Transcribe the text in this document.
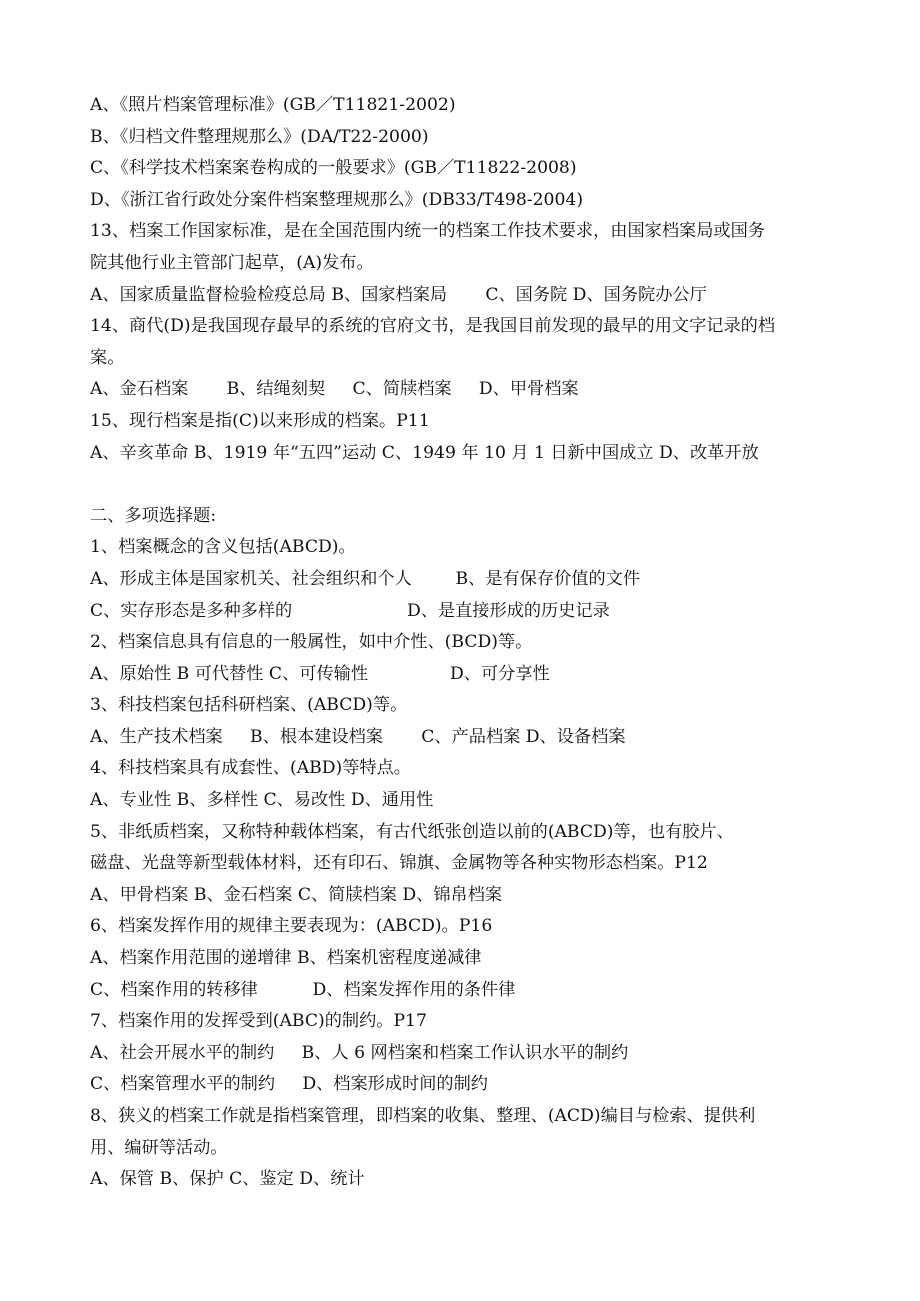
A、《照片档案管理标准》(GB／T11821-2002)
B、《归档文件整理规那么》(DA/T22-2000)
C、《科学技术档案案卷构成的一般要求》(GB／T11822-2008)
D、《浙江省行政处分案件档案整理规那么》(DB33/T498-2004)
13、档案工作国家标准，是在全国范围内统一的档案工作技术要求，由国家档案局或国务
院其他行业主管部门起草，(A)发布。
A、国家质量监督检验检疫总局 B、国家档案局       C、国务院 D、国务院办公厅
14、商代(D)是我国现存最早的系统的官府文书，是我国目前发现的最早的用文字记录的档
案。
A、金石档案       B、结绳刻契     C、简牍档案     D、甲骨档案
15、现行档案是指(C)以来形成的档案。P11
A、辛亥革命 B、1919 年“五四”运动 C、1949 年 10 月 1 日新中国成立 D、改革开放
二、多项选择题:
1、档案概念的含义包括(ABCD)。
A、形成主体是国家机关、社会组织和个人        B、是有保存价值的文件
C、实存形态是多种多样的                     D、是直接形成的历史记录
2、档案信息具有信息的一般属性，如中介性、(BCD)等。
A、原始性 B 可代替性 C、可传输性               D、可分享性
3、科技档案包括科研档案、(ABCD)等。
A、生产技术档案     B、根本建设档案       C、产品档案 D、设备档案
4、科技档案具有成套性、(ABD)等特点。
A、专业性 B、多样性 C、易改性 D、通用性
5、非纸质档案，又称特种载体档案，有古代纸张创造以前的(ABCD)等，也有胶片、
磁盘、光盘等新型载体材料，还有印石、锦旗、金属物等各种实物形态档案。P12
A、甲骨档案 B、金石档案 C、简牍档案 D、锦帛档案
6、档案发挥作用的规律主要表现为：(ABCD)。P16
A、档案作用范围的递增律 B、档案机密程度递减律
C、档案作用的转移律          D、档案发挥作用的条件律
7、档案作用的发挥受到(ABC)的制约。P17
A、社会开展水平的制约     B、人 6 网档案和档案工作认识水平的制约
C、档案管理水平的制约     D、档案形成时间的制约
8、狭义的档案工作就是指档案管理，即档案的收集、整理、(ACD)编目与检索、提供利
用、编研等活动。
A、保管 B、保护 C、鉴定 D、统计
